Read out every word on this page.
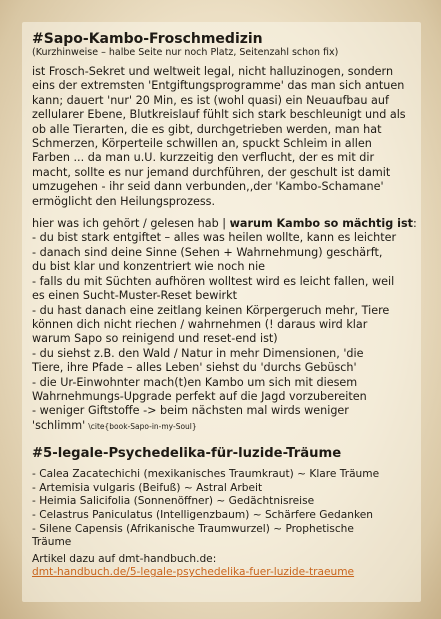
#Sapo-Kambo-Froschmedizin

(Kurzhinweise – halbe Seite nur noch Platz, Seitenzahl schon fix)

ist Frosch-Sekret und weltweit legal, nicht halluzinogen, sondern
eins der extremsten 'Entgiftungsprogramme' das man sich antuen
kann; dauert 'nur' 20 Min, es ist (wohl quasi) ein Neuaufbau auf
zellularer Ebene, Blutkreislauf fühlt sich stark beschleunigt und als
ob alle Tierarten, die es gibt, durchgetrieben werden, man hat
Schmerzen, Körperteile schwillen an, spuckt Schleim in allen
Farben ... da man u.U. kurzzeitig den verflucht, der es mit dir
macht, sollte es nur jemand durchführen, der geschult ist damit
umzugehen - ihr seid dann verbunden,,der 'Kambo-Schamane'
ermöglicht den Heilungsprozess.

hier was ich gehört / gelesen hab | warum Kambo so mächtig ist:

- du bist stark entgiftet – alles was heilen wollte, kann es leichter
- danach sind deine Sinne (Sehen + Wahrnehmung) geschärft,
du bist klar und konzentriert wie noch nie
- falls du mit Süchten aufhören wolltest wird es leicht fallen, weil
es einen Sucht-Muster-Reset bewirkt
- du hast danach eine zeitlang keinen Körpergeruch mehr, Tiere
können dich nicht riechen / wahrnehmen (! daraus wird klar
warum Sapo so reinigend und reset-end ist)
- du siehst z.B. den Wald / Natur in mehr Dimensionen, 'die
Tiere, ihre Pfade – alles Leben' siehst du 'durchs Gebüsch'
- die Ur-Einwohnter mach(t)en Kambo um sich mit diesem
Wahrnehmungs-Upgrade perfekt auf die Jagd vorzubereiten
- weniger Giftstoffe -> beim nächsten mal wirds weniger
'schlimm' \cite{book-Sapo-in-my-Soul}
#5-legale-Psychedelika-für-luzide-Träume
- Calea Zacatechichi (mexikanisches Traumkraut) ~ Klare Träume
- Artemisia vulgaris (Beifuß) ~ Astral Arbeit
- Heimia Salicifolia (Sonnenöffner) ~ Gedächtnisreise
- Celastrus Paniculatus (Intelligenzbaum) ~ Schärfere Gedanken
- Silene Capensis (Afrikanische Traumwurzel) ~ Prophetische
Träume
Artikel dazu auf dmt-handbuch.de:
dmt-handbuch.de/5-legale-psychedelika-fuer-luzide-traeume
